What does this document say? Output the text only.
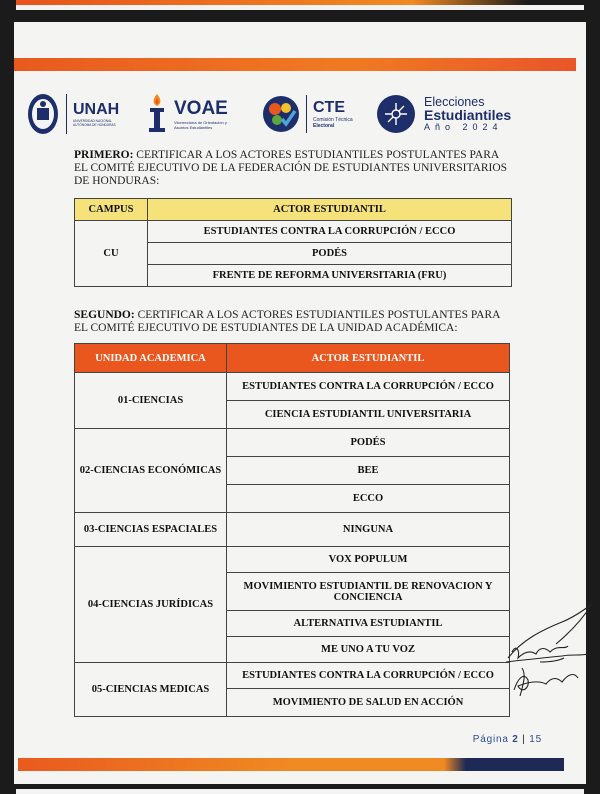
UNAH
UNIVERSIDAD NACIONAL AUTÓNOMA DE HONDURAS
VOAE
Vicerrectoría de Orientación y Asuntos Estudiantiles
CTE
Comisión Técnica
Electoral
Elecciones
Estudiantiles
Año 2024
PRIMERO: CERTIFICAR A LOS ACTORES ESTUDIANTILES POSTULANTES PARA EL COMITÉ EJECUTIVO DE LA FEDERACIÓN DE ESTUDIANTES UNIVERSITARIOS DE HONDURAS:
CAMPUS	ACTOR ESTUDIANTIL
CU	ESTUDIANTES CONTRA LA CORRUPCIÓN / ECCO
	PODÉS
	FRENTE DE REFORMA UNIVERSITARIA (FRU)
SEGUNDO: CERTIFICAR A LOS ACTORES ESTUDIANTILES POSTULANTES PARA EL COMITÉ EJECUTIVO DE ESTUDIANTES DE LA UNIDAD ACADÉMICA:
UNIDAD ACADEMICA	ACTOR ESTUDIANTIL
01-CIENCIAS	ESTUDIANTES CONTRA LA CORRUPCIÓN / ECCO
	CIENCIA ESTUDIANTIL UNIVERSITARIA
02-CIENCIAS ECONÓMICAS	PODÉS
	BEE
	ECCO
03-CIENCIAS ESPACIALES	NINGUNA
04-CIENCIAS JURÍDICAS	VOX POPULUM
	MOVIMIENTO ESTUDIANTIL DE RENOVACION Y CONCIENCIA
	ALTERNATIVA ESTUDIANTIL
	ME UNO A TU VOZ
05-CIENCIAS MEDICAS	ESTUDIANTES CONTRA LA CORRUPCIÓN / ECCO
	MOVIMIENTO DE SALUD EN ACCIÓN
Página 2 | 15
